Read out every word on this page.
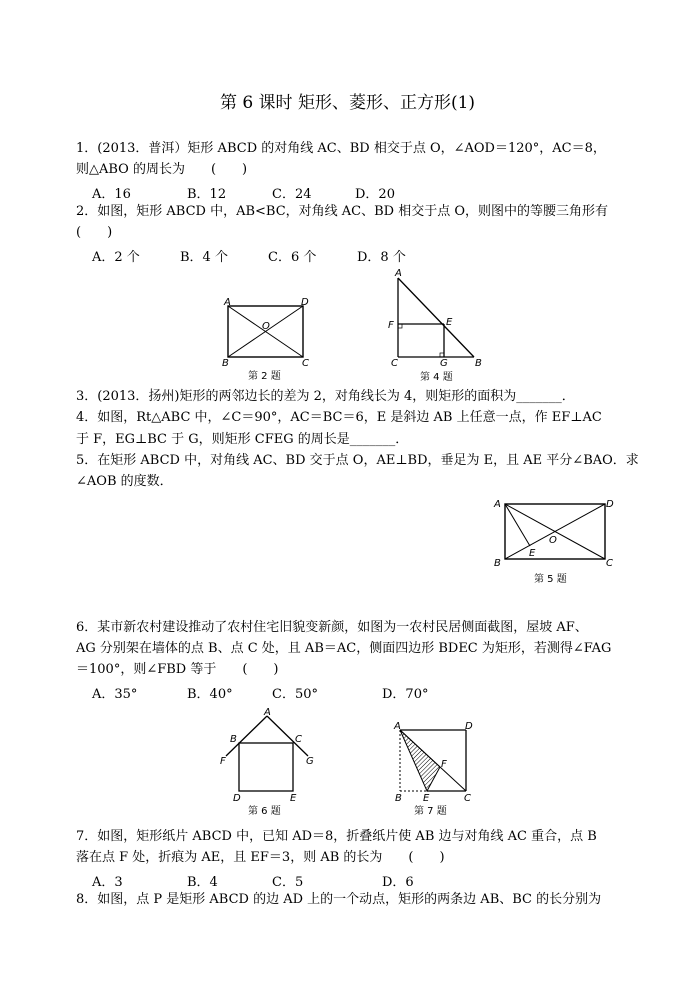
第 6 课时 矩形、菱形、正方形(1)
1．(2013．普洱）矩形 ABCD 的对角线 AC、BD 相交于点 O，∠AOD＝120°，AC＝8，
则△ABO 的周长为　　(　　)
A．16	B．12	C．24	D．20
2．如图，矩形 ABCD 中，AB<BC，对角线 AC、BD 相交于点 O，则图中的等腰三角形有
(　　)
A．2 个	B．4 个	C．6 个	D．8 个
A	D
B	C
O
第 2 题
A
F	E
C	G	B
第 4 题
3．(2013．扬州)矩形的两邻边长的差为 2，对角线长为 4，则矩形的面积为_______．
4．如图，Rt△ABC 中，∠C＝90°，AC＝BC＝6，E 是斜边 AB 上任意一点，作 EF⊥AC
于 F，EG⊥BC 于 G，则矩形 CFEG 的周长是_______．
5．在矩形 ABCD 中，对角线 AC、BD 交于点 O，AE⊥BD，垂足为 E，且 AE 平分∠BAO．求
∠AOB 的度数．
A	D
B	C
E
O
第 5 题
6．某市新农村建设推动了农村住宅旧貌变新颜，如图为一农村民居侧面截图，屋坡 AF、
AG 分别架在墙体的点 B、点 C 处，且 AB＝AC，侧面四边形 BDEC 为矩形，若测得∠FAG
＝100°，则∠FBD 等于　　(　　)
A．35°	B．40°	C．50°	D．70°
A
B	C
F	G
D	E
第 6 题
A	D
F
B E	C
第 7 题
7．如图，矩形纸片 ABCD 中，已知 AD＝8，折叠纸片使 AB 边与对角线 AC 重合，点 B
落在点 F 处，折痕为 AE，且 EF＝3，则 AB 的长为　　(　　)
A．3	B．4	C．5	D．6
8．如图，点 P 是矩形 ABCD 的边 AD 上的一个动点，矩形的两条边 AB、BC 的长分别为
